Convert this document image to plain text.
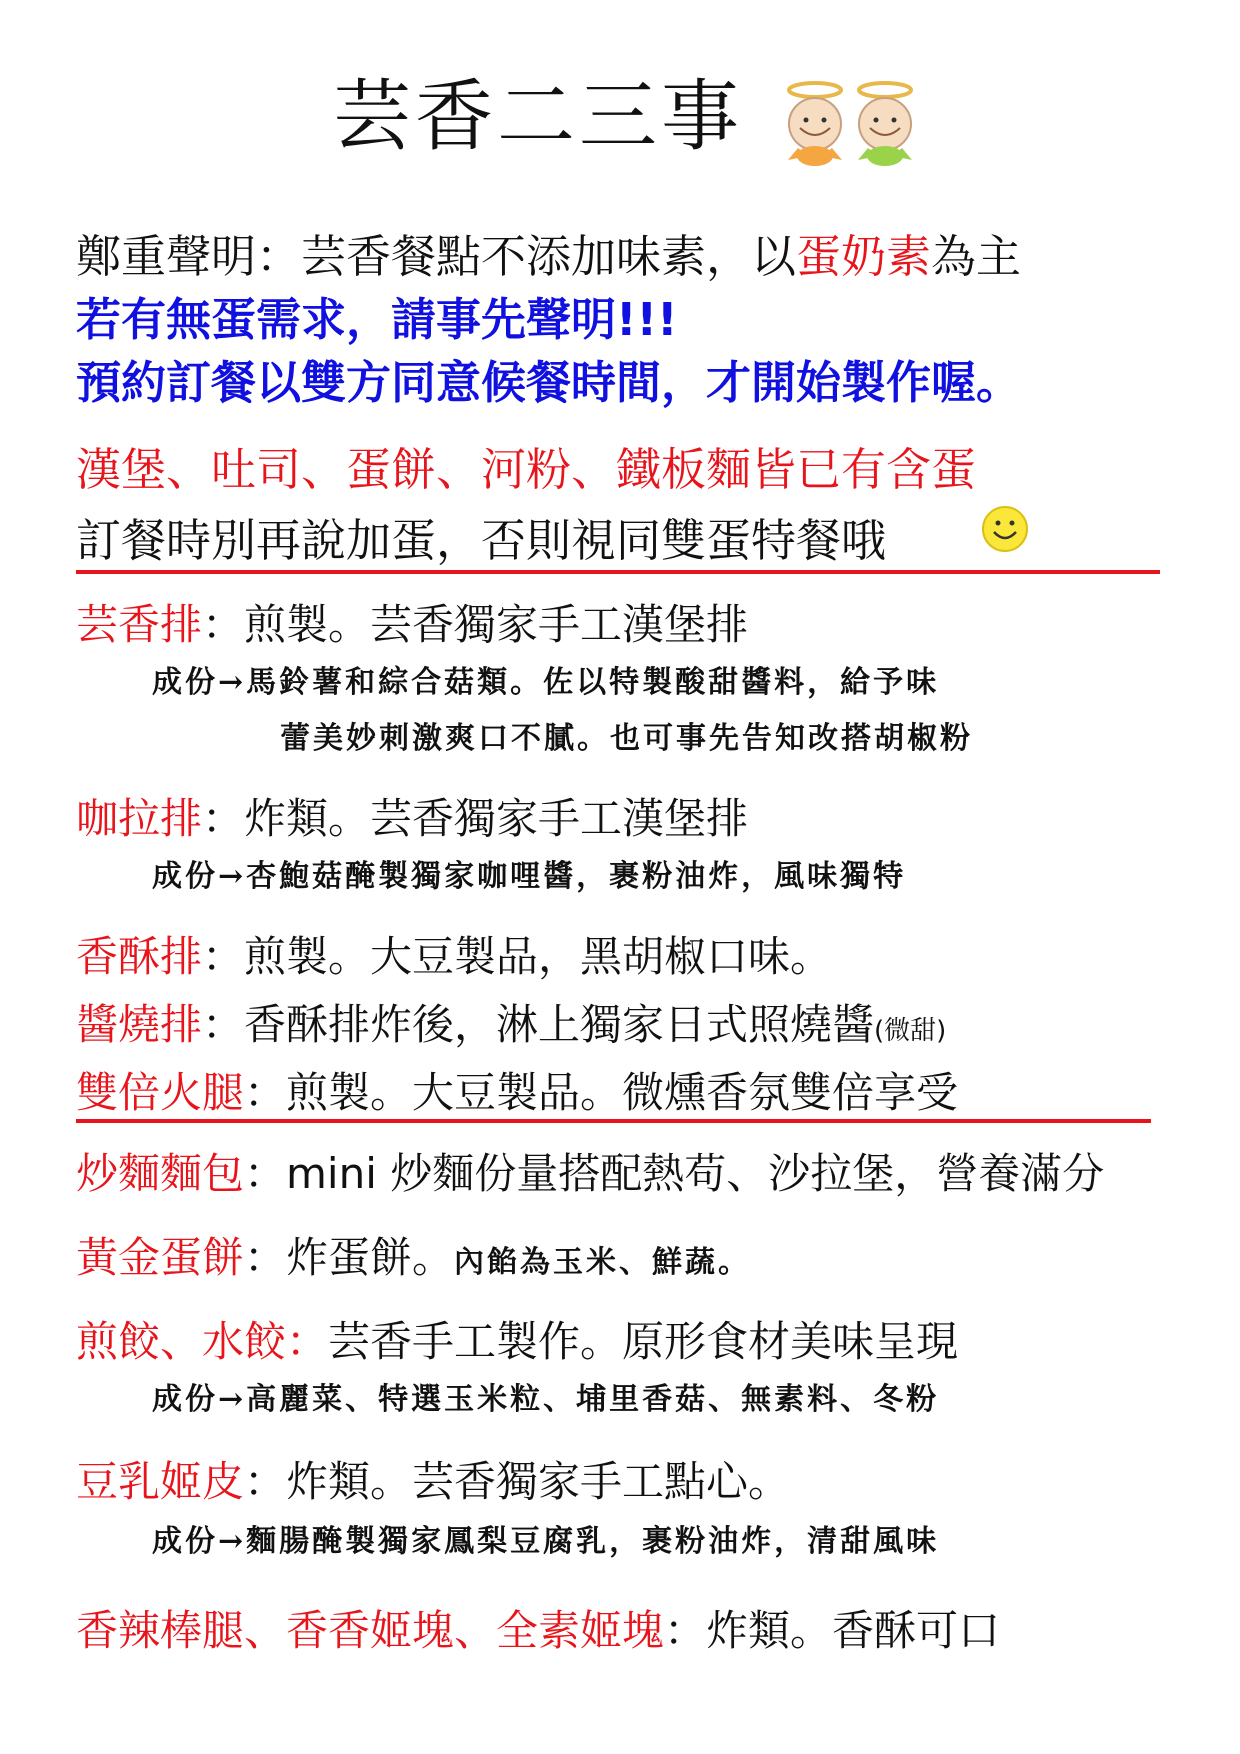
芸香二三事
鄭重聲明：芸香餐點不添加味素，以蛋奶素為主
若有無蛋需求，請事先聲明!!!
預約訂餐以雙方同意候餐時間，才開始製作喔。
漢堡、吐司、蛋餅、河粉、鐵板麵皆已有含蛋
訂餐時別再說加蛋，否則視同雙蛋特餐哦
芸香排：煎製。芸香獨家手工漢堡排
成份→馬鈴薯和綜合菇類。佐以特製酸甜醬料，給予味
蕾美妙刺激爽口不膩。也可事先告知改搭胡椒粉
咖拉排：炸類。芸香獨家手工漢堡排
成份→杏鮑菇醃製獨家咖哩醬，裹粉油炸，風味獨特
香酥排：煎製。大豆製品，黑胡椒口味。
醬燒排：香酥排炸後，淋上獨家日式照燒醬(微甜)
雙倍火腿：煎製。大豆製品。微燻香氛雙倍享受
炒麵麵包：mini 炒麵份量搭配熱苟、沙拉堡，營養滿分
黃金蛋餅：炸蛋餅。內餡為玉米、鮮蔬。
煎餃、水餃：芸香手工製作。原形食材美味呈現
成份→高麗菜、特選玉米粒、埔里香菇、無素料、冬粉
豆乳姬皮：炸類。芸香獨家手工點心。
成份→麵腸醃製獨家鳳梨豆腐乳，裹粉油炸，清甜風味
香辣棒腿、香香姬塊、全素姬塊：炸類。香酥可口
